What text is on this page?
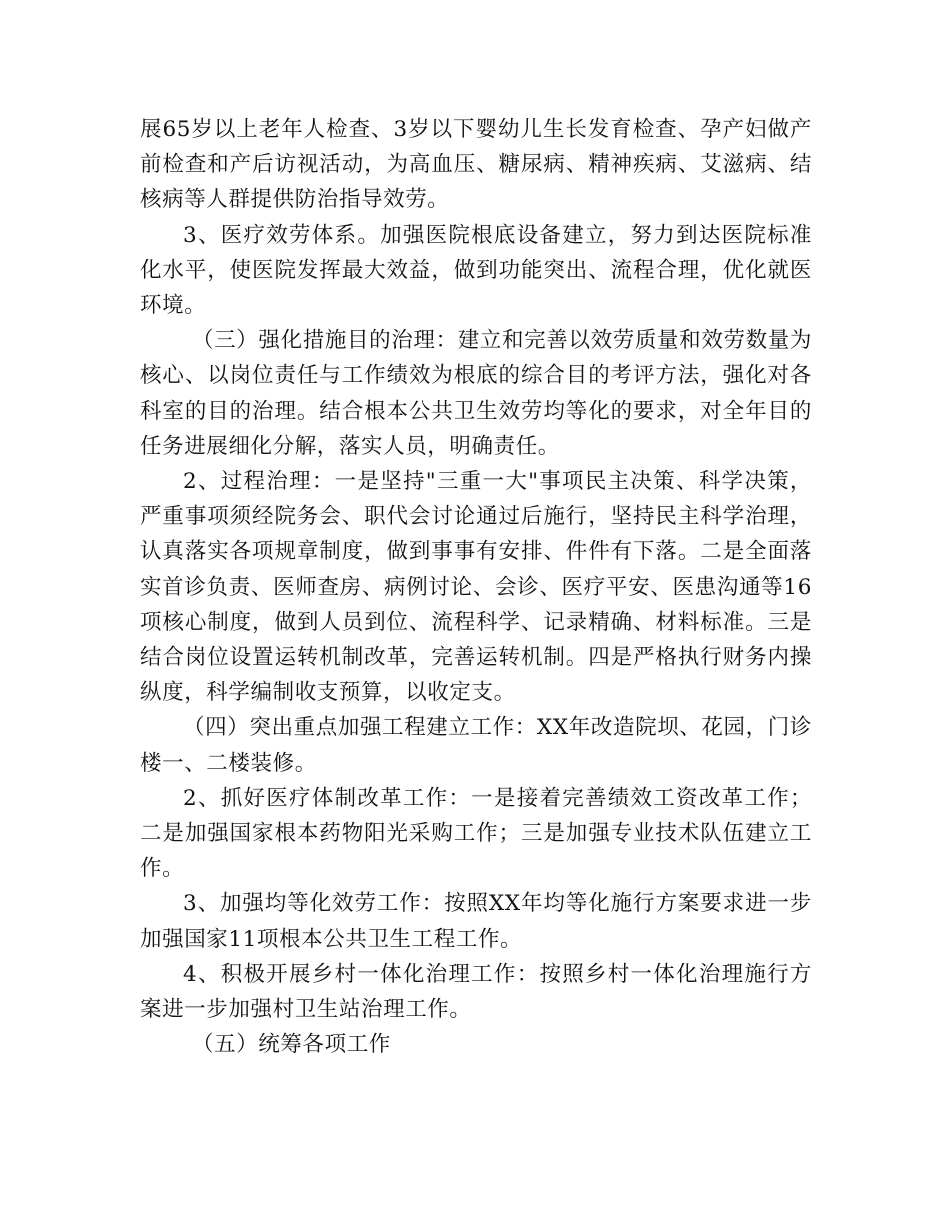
展65岁以上老年人检查、3岁以下婴幼儿生长发育检查、孕产妇做产前检查和产后访视活动，为高血压、糖尿病、精神疾病、艾滋病、结核病等人群提供防治指导效劳。

3、医疗效劳体系。加强医院根底设备建立，努力到达医院标准化水平，使医院发挥最大效益，做到功能突出、流程合理，优化就医环境。

（三）强化措施目的治理：建立和完善以效劳质量和效劳数量为核心、以岗位责任与工作绩效为根底的综合目的考评方法，强化对各科室的目的治理。结合根本公共卫生效劳均等化的要求，对全年目的任务进展细化分解，落实人员，明确责任。

2、过程治理：一是坚持"三重一大"事项民主决策、科学决策，严重事项须经院务会、职代会讨论通过后施行，坚持民主科学治理，认真落实各项规章制度，做到事事有安排、件件有下落。二是全面落实首诊负责、医师查房、病例讨论、会诊、医疗平安、医患沟通等16项核心制度，做到人员到位、流程科学、记录精确、材料标准。三是结合岗位设置运转机制改革，完善运转机制。四是严格执行财务内操纵度，科学编制收支预算，以收定支。

（四）突出重点加强工程建立工作：XX年改造院坝、花园，门诊楼一、二楼装修。

2、抓好医疗体制改革工作：一是接着完善绩效工资改革工作；二是加强国家根本药物阳光采购工作；三是加强专业技术队伍建立工作。

3、加强均等化效劳工作：按照XX年均等化施行方案要求进一步加强国家11项根本公共卫生工程工作。

4、积极开展乡村一体化治理工作：按照乡村一体化治理施行方案进一步加强村卫生站治理工作。

（五）统筹各项工作
